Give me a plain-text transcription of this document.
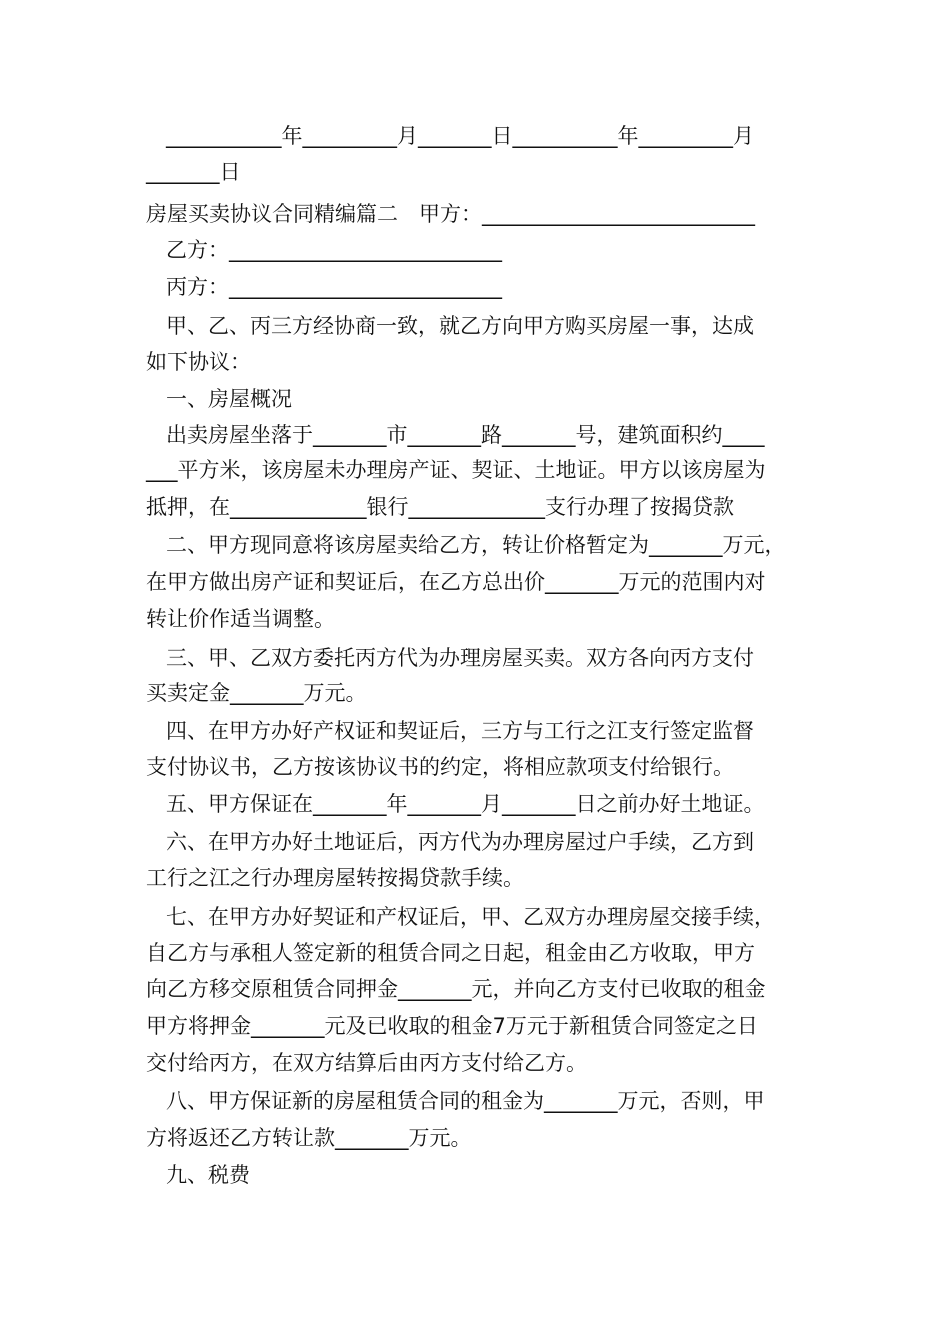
___________年_________月_______日__________年_________月
_______日
房屋买卖协议合同精编篇二　甲方：__________________________
乙方：__________________________
丙方：__________________________
甲、乙、丙三方经协商一致，就乙方向甲方购买房屋一事，达成
如下协议：
一、房屋概况
出卖房屋坐落于_______市_______路_______号，建筑面积约____
___平方米，该房屋未办理房产证、契证、土地证。甲方以该房屋为
抵押，在_____________银行_____________支行办理了按揭贷款
二、甲方现同意将该房屋卖给乙方，转让价格暂定为_______万元，
在甲方做出房产证和契证后，在乙方总出价_______万元的范围内对
转让价作适当调整。
三、甲、乙双方委托丙方代为办理房屋买卖。双方各向丙方支付
买卖定金_______万元。
四、在甲方办好产权证和契证后，三方与工行之江支行签定监督
支付协议书，乙方按该协议书的约定，将相应款项支付给银行。
五、甲方保证在_______年_______月_______日之前办好土地证。
六、在甲方办好土地证后，丙方代为办理房屋过户手续，乙方到
工行之江之行办理房屋转按揭贷款手续。
七、在甲方办好契证和产权证后，甲、乙双方办理房屋交接手续，
自乙方与承租人签定新的租赁合同之日起，租金由乙方收取，甲方
向乙方移交原租赁合同押金_______元，并向乙方支付已收取的租金
甲方将押金_______元及已收取的租金7万元于新租赁合同签定之日
交付给丙方，在双方结算后由丙方支付给乙方。
八、甲方保证新的房屋租赁合同的租金为_______万元，否则，甲
方将返还乙方转让款_______万元。
九、税费
